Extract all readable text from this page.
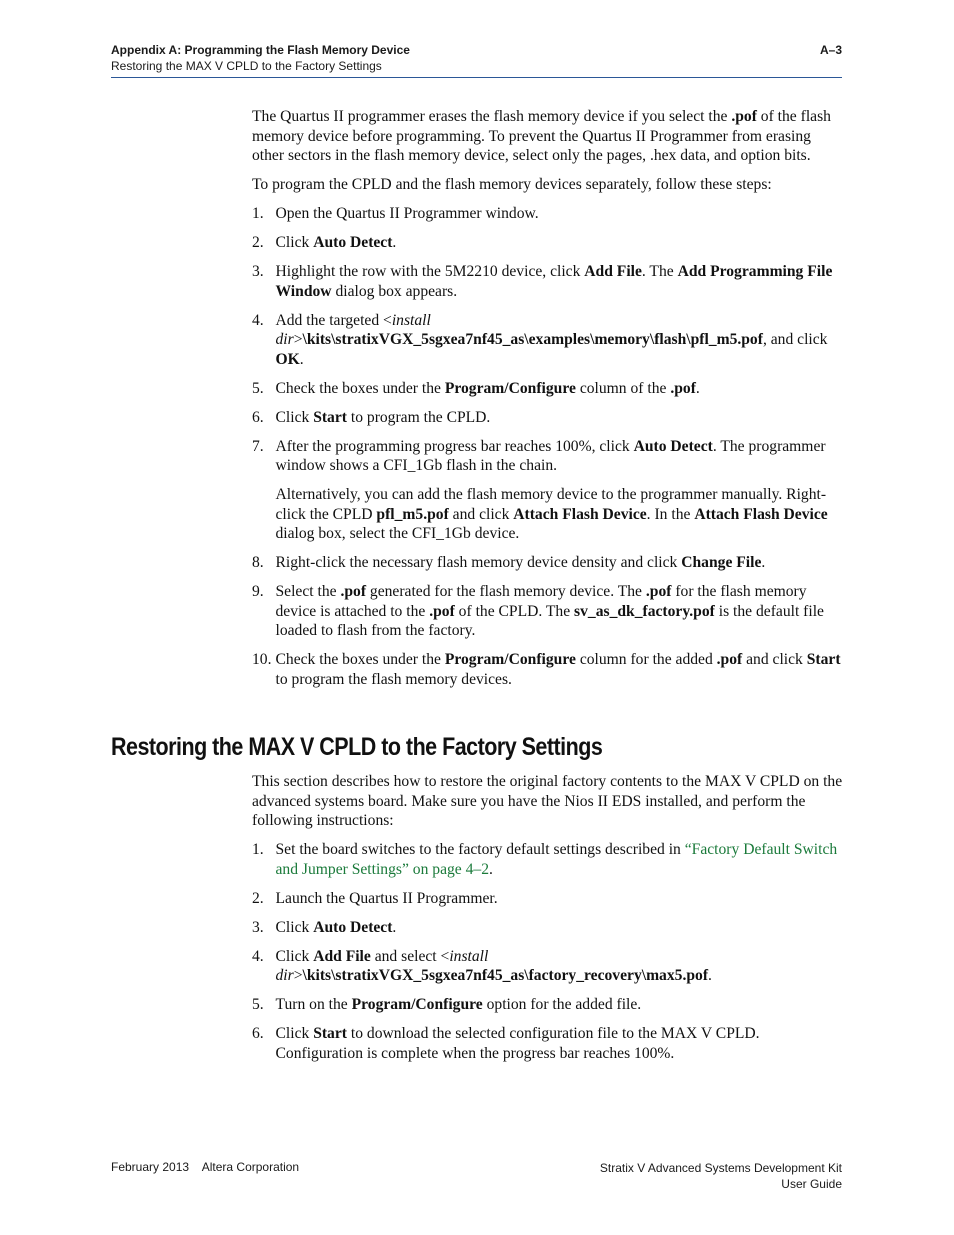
Appendix A: Programming the Flash Memory Device	A–3
Restoring the MAX V CPLD to the Factory Settings

The Quartus II programmer erases the flash memory device if you select the .pof of the flash memory device before programming. To prevent the Quartus II Programmer from erasing other sectors in the flash memory device, select only the pages, .hex data, and option bits.

To program the CPLD and the flash memory devices separately, follow these steps:

1. Open the Quartus II Programmer window.
2. Click Auto Detect.
3. Highlight the row with the 5M2210 device, click Add File. The Add Programming File Window dialog box appears.
4. Add the targeted <install dir>\kits\stratixVGX_5sgxea7nf45_as\examples\memory\flash\pfl_m5.pof, and click OK.
5. Check the boxes under the Program/Configure column of the .pof.
6. Click Start to program the CPLD.
7. After the programming progress bar reaches 100%, click Auto Detect. The programmer window shows a CFI_1Gb flash in the chain.
Alternatively, you can add the flash memory device to the programmer manually. Right-click the CPLD pfl_m5.pof and click Attach Flash Device. In the Attach Flash Device dialog box, select the CFI_1Gb device.
8. Right-click the necessary flash memory device density and click Change File.
9. Select the .pof generated for the flash memory device. The .pof for the flash memory device is attached to the .pof of the CPLD. The sv_as_dk_factory.pof is the default file loaded to flash from the factory.
10. Check the boxes under the Program/Configure column for the added .pof and click Start to program the flash memory devices.
Restoring the MAX V CPLD to the Factory Settings

This section describes how to restore the original factory contents to the MAX V CPLD on the advanced systems board. Make sure you have the Nios II EDS installed, and perform the following instructions:

1. Set the board switches to the factory default settings described in “Factory Default Switch and Jumper Settings” on page 4–2.
2. Launch the Quartus II Programmer.
3. Click Auto Detect.
4. Click Add File and select <install dir>\kits\stratixVGX_5sgxea7nf45_as\factory_recovery\max5.pof.
5. Turn on the Program/Configure option for the added file.
6. Click Start to download the selected configuration file to the MAX V CPLD. Configuration is complete when the progress bar reaches 100%.
February 2013    Altera Corporation	Stratix V Advanced Systems Development Kit
User Guide
